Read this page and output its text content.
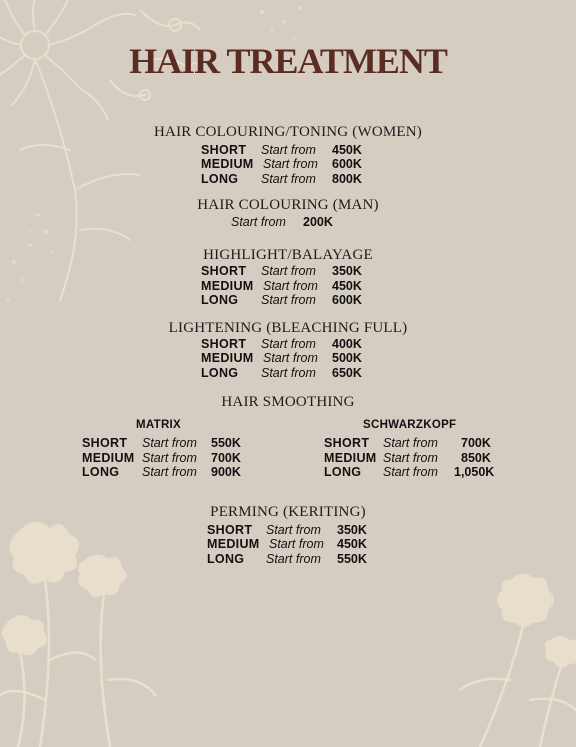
HAIR TREATMENT
HAIR COLOURING/TONING (WOMEN)
SHORT Start from 450K
MEDIUM Start from 600K
LONG Start from 800K
HAIR COLOURING (MAN)
Start from 200K
HIGHLIGHT/BALAYAGE
SHORT Start from 350K
MEDIUM Start from 450K
LONG Start from 600K
LIGHTENING (BLEACHING FULL)
SHORT Start from 400K
MEDIUM Start from 500K
LONG Start from 650K
HAIR SMOOTHING
MATRIX
SHORT Start from 550K
MEDIUM Start from 700K
LONG Start from 900K
SCHWARZKOPF
SHORT Start from 700K
MEDIUM Start from 850K
LONG Start from 1,050K
PERMING (KERITING)
SHORT Start from 350K
MEDIUM Start from 450K
LONG Start from 550K
